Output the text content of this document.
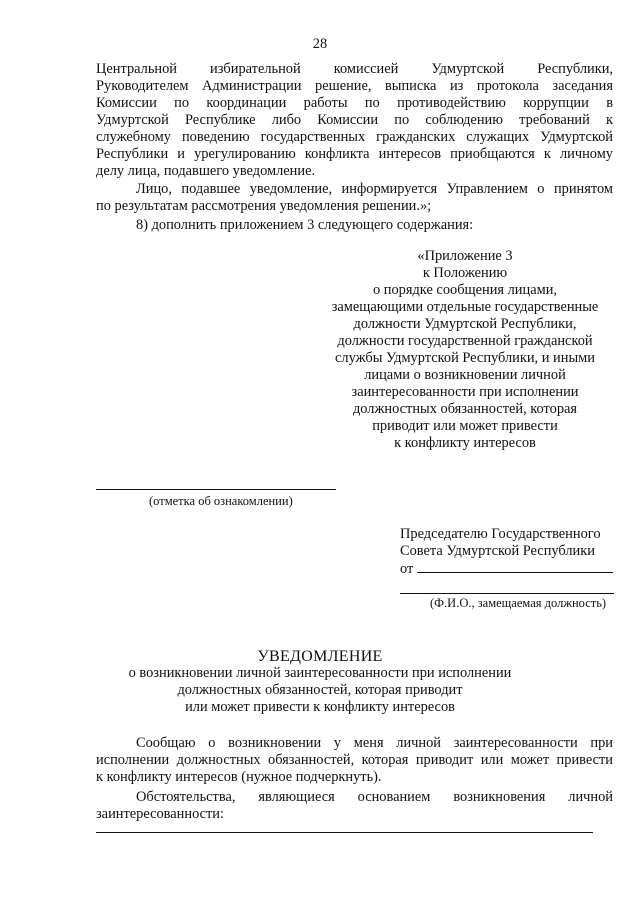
28
Центральной избирательной комиссией Удмуртской Республики,
Руководителем Администрации решение, выписка из протокола заседания
Комиссии по координации работы по противодействию коррупции в
Удмуртской Республике либо Комиссии по соблюдению требований к
служебному поведению государственных гражданских служащих Удмуртской
Республики и урегулированию конфликта интересов приобщаются к личному
делу лица, подавшего уведомление.
Лицо, подавшее уведомление, информируется Управлением о принятом
по результатам рассмотрения уведомления решении.»;
8) дополнить приложением 3 следующего содержания:
«Приложение 3
к Положению
о порядке сообщения лицами,
замещающими отдельные государственные
должности Удмуртской Республики,
должности государственной гражданской
службы Удмуртской Республики, и иными
лицами о возникновении личной
заинтересованности при исполнении
должностных обязанностей, которая
приводит или может привести
к конфликту интересов
(отметка об ознакомлении)
Председателю Государственного
Совета Удмуртской Республики
от
(Ф.И.О., замещаемая должность)
УВЕДОМЛЕНИЕ
о возникновении личной заинтересованности при исполнении
должностных обязанностей, которая приводит
или может привести к конфликту интересов
Сообщаю о возникновении у меня личной заинтересованности при
исполнении должностных обязанностей, которая приводит или может привести
к конфликту интересов (нужное подчеркнуть).
Обстоятельства, являющиеся основанием возникновения личной
заинтересованности:
